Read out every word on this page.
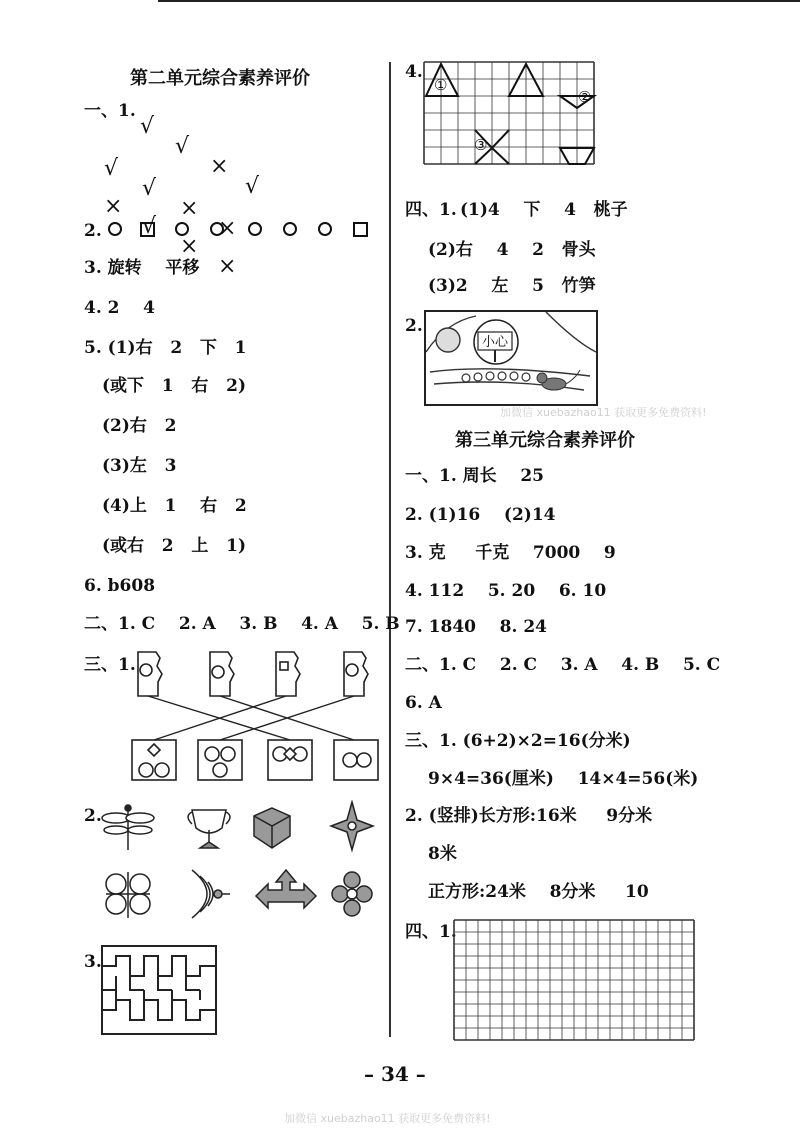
第二单元综合素养评价
一、1.

√

√

×

√

√

√

×

×

×

√

×

×

2.
3. 旋转    平移
4. 2    4
5. (1)右   2   下   1
(或下   1   右   2)
(2)右   2
(3)左   3
(4)上   1    右   2
(或右   2   上   1)
6. b608
二、1. C    2. A    3. B    4. A    5. B
三、1.
2.
3.
4.
①
②
③
四、1. (1)4    下    4   桃子
(2)右    4    2   骨头
(3)2    左    5   竹笋
2.
小心
加微信 xuebazhao11 获取更多免费资料!
第三单元综合素养评价
一、1. 周长    25
2. (1)16    (2)14
3. 克     千克    7000    9
4. 112    5. 20    6. 10
7. 1840    8. 24
二、1. C    2. C    3. A    4. B    5. C
6. A
三、1. (6+2)×2=16(分米)
9×4=36(厘米)    14×4=56(米)
2. (竖排)长方形:16米     9分米
8米
正方形:24米    8分米     10
四、1.
– 34 –
加微信 xuebazhao11 获取更多免费资料!
